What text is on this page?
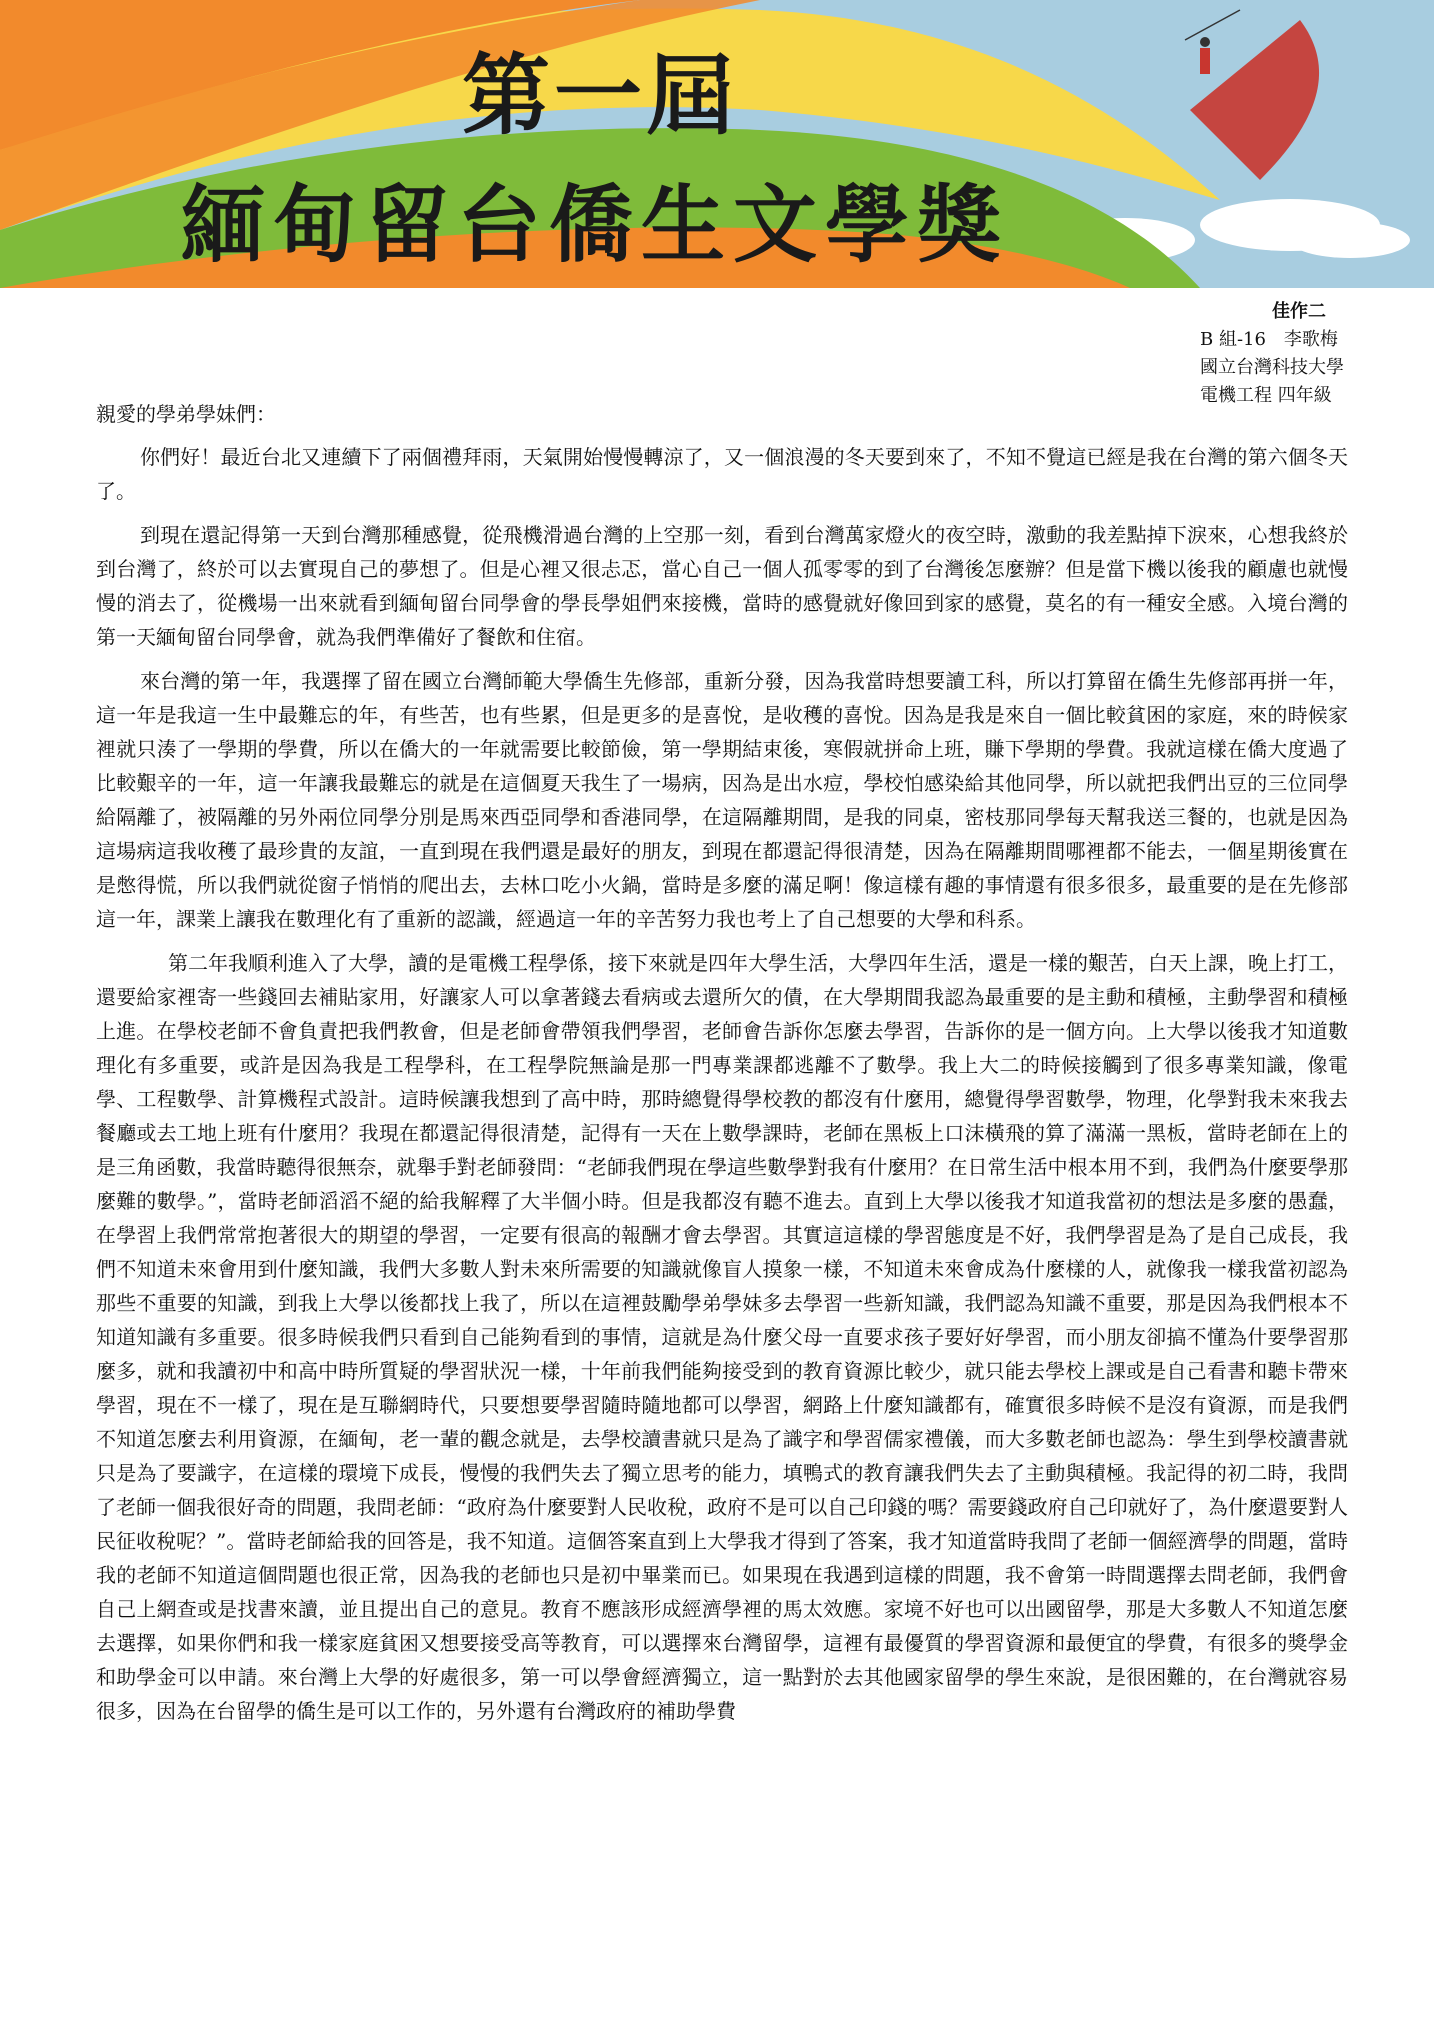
第一屆
緬甸留台僑生文學獎
佳作二
B 組-16　李歌梅
國立台灣科技大學
電機工程 四年級
親愛的學弟學妹們：

你們好！最近台北又連續下了兩個禮拜雨，天氣開始慢慢轉涼了，又一個浪漫的冬天要到來了，不知不覺這已經是我在台灣的第六個冬天了。

到現在還記得第一天到台灣那種感覺，從飛機滑過台灣的上空那一刻，看到台灣萬家燈火的夜空時，激動的我差點掉下淚來，心想我終於到台灣了，終於可以去實現自己的夢想了。但是心裡又很忐忑，當心自己一個人孤零零的到了台灣後怎麼辦？但是當下機以後我的顧慮也就慢慢的消去了，從機場一出來就看到緬甸留台同學會的學長學姐們來接機，當時的感覺就好像回到家的感覺，莫名的有一種安全感。入境台灣的第一天緬甸留台同學會，就為我們準備好了餐飲和住宿。

來台灣的第一年，我選擇了留在國立台灣師範大學僑生先修部，重新分發，因為我當時想要讀工科，所以打算留在僑生先修部再拼一年，這一年是我這一生中最難忘的年，有些苦，也有些累，但是更多的是喜悅，是收穫的喜悅。因為是我是來自一個比較貧困的家庭，來的時候家裡就只湊了一學期的學費，所以在僑大的一年就需要比較節儉，第一學期結束後，寒假就拼命上班，賺下學期的學費。我就這樣在僑大度過了比較艱辛的一年，這一年讓我最難忘的就是在這個夏天我生了一場病，因為是出水痘，學校怕感染給其他同學，所以就把我們出豆的三位同學給隔離了，被隔離的另外兩位同學分別是馬來西亞同學和香港同學，在這隔離期間，是我的同桌，密枝那同學每天幫我送三餐的，也就是因為這場病這我收穫了最珍貴的友誼，一直到現在我們還是最好的朋友，到現在都還記得很清楚，因為在隔離期間哪裡都不能去，一個星期後實在是憋得慌，所以我們就從窗子悄悄的爬出去，去林口吃小火鍋，當時是多麼的滿足啊！像這樣有趣的事情還有很多很多，最重要的是在先修部這一年，課業上讓我在數理化有了重新的認識，經過這一年的辛苦努力我也考上了自己想要的大學和科系。

第二年我順利進入了大學，讀的是電機工程學係，接下來就是四年大學生活，大學四年生活，還是一樣的艱苦，白天上課，晚上打工，還要給家裡寄一些錢回去補貼家用，好讓家人可以拿著錢去看病或去還所欠的債，在大學期間我認為最重要的是主動和積極，主動學習和積極上進。在學校老師不會負責把我們教會，但是老師會帶領我們學習，老師會告訴你怎麼去學習，告訴你的是一個方向。上大學以後我才知道數理化有多重要，或許是因為我是工程學科，在工程學院無論是那一門專業課都逃離不了數學。我上大二的時候接觸到了很多專業知識，像電學、工程數學、計算機程式設計。這時候讓我想到了高中時，那時總覺得學校教的都沒有什麼用，總覺得學習數學，物理，化學對我未來我去餐廳或去工地上班有什麼用？我現在都還記得很清楚，記得有一天在上數學課時，老師在黑板上口沫橫飛的算了滿滿一黑板，當時老師在上的是三角函數，我當時聽得很無奈，就舉手對老師發問：“老師我們現在學這些數學對我有什麼用？在日常生活中根本用不到，我們為什麼要學那麼難的數學。”，當時老師滔滔不絕的給我解釋了大半個小時。但是我都沒有聽不進去。直到上大學以後我才知道我當初的想法是多麼的愚蠢，在學習上我們常常抱著很大的期望的學習，一定要有很高的報酬才會去學習。其實這這樣的學習態度是不好，我們學習是為了是自己成長，我們不知道未來會用到什麼知識，我們大多數人對未來所需要的知識就像盲人摸象一樣，不知道未來會成為什麼樣的人，就像我一樣我當初認為那些不重要的知識，到我上大學以後都找上我了，所以在這裡鼓勵學弟學妹多去學習一些新知識，我們認為知識不重要，那是因為我們根本不知道知識有多重要。很多時候我們只看到自己能夠看到的事情，這就是為什麼父母一直要求孩子要好好學習，而小朋友卻搞不懂為什要學習那麼多，就和我讀初中和高中時所質疑的學習狀況一樣，十年前我們能夠接受到的教育資源比較少，就只能去學校上課或是自己看書和聽卡帶來學習，現在不一樣了，現在是互聯網時代，只要想要學習隨時隨地都可以學習，網路上什麼知識都有，確實很多時候不是沒有資源，而是我們不知道怎麼去利用資源，在緬甸，老一輩的觀念就是，去學校讀書就只是為了識字和學習儒家禮儀，而大多數老師也認為：學生到學校讀書就只是為了要識字，在這樣的環境下成長，慢慢的我們失去了獨立思考的能力，填鴨式的教育讓我們失去了主動與積極。我記得的初二時，我問了老師一個我很好奇的問題，我問老師：“政府為什麼要對人民收稅，政府不是可以自己印錢的嗎？需要錢政府自己印就好了，為什麼還要對人民征收稅呢？”。當時老師給我的回答是，我不知道。這個答案直到上大學我才得到了答案，我才知道當時我問了老師一個經濟學的問題，當時我的老師不知道這個問題也很正常，因為我的老師也只是初中畢業而已。如果現在我遇到這樣的問題，我不會第一時間選擇去問老師，我們會自己上網查或是找書來讀，並且提出自己的意見。教育不應該形成經濟學裡的馬太效應。家境不好也可以出國留學，那是大多數人不知道怎麼去選擇，如果你們和我一樣家庭貧困又想要接受高等教育，可以選擇來台灣留學，這裡有最優質的學習資源和最便宜的學費，有很多的獎學金和助學金可以申請。來台灣上大學的好處很多，第一可以學會經濟獨立，這一點對於去其他國家留學的學生來說，是很困難的，在台灣就容易很多，因為在台留學的僑生是可以工作的，另外還有台灣政府的補助學費
